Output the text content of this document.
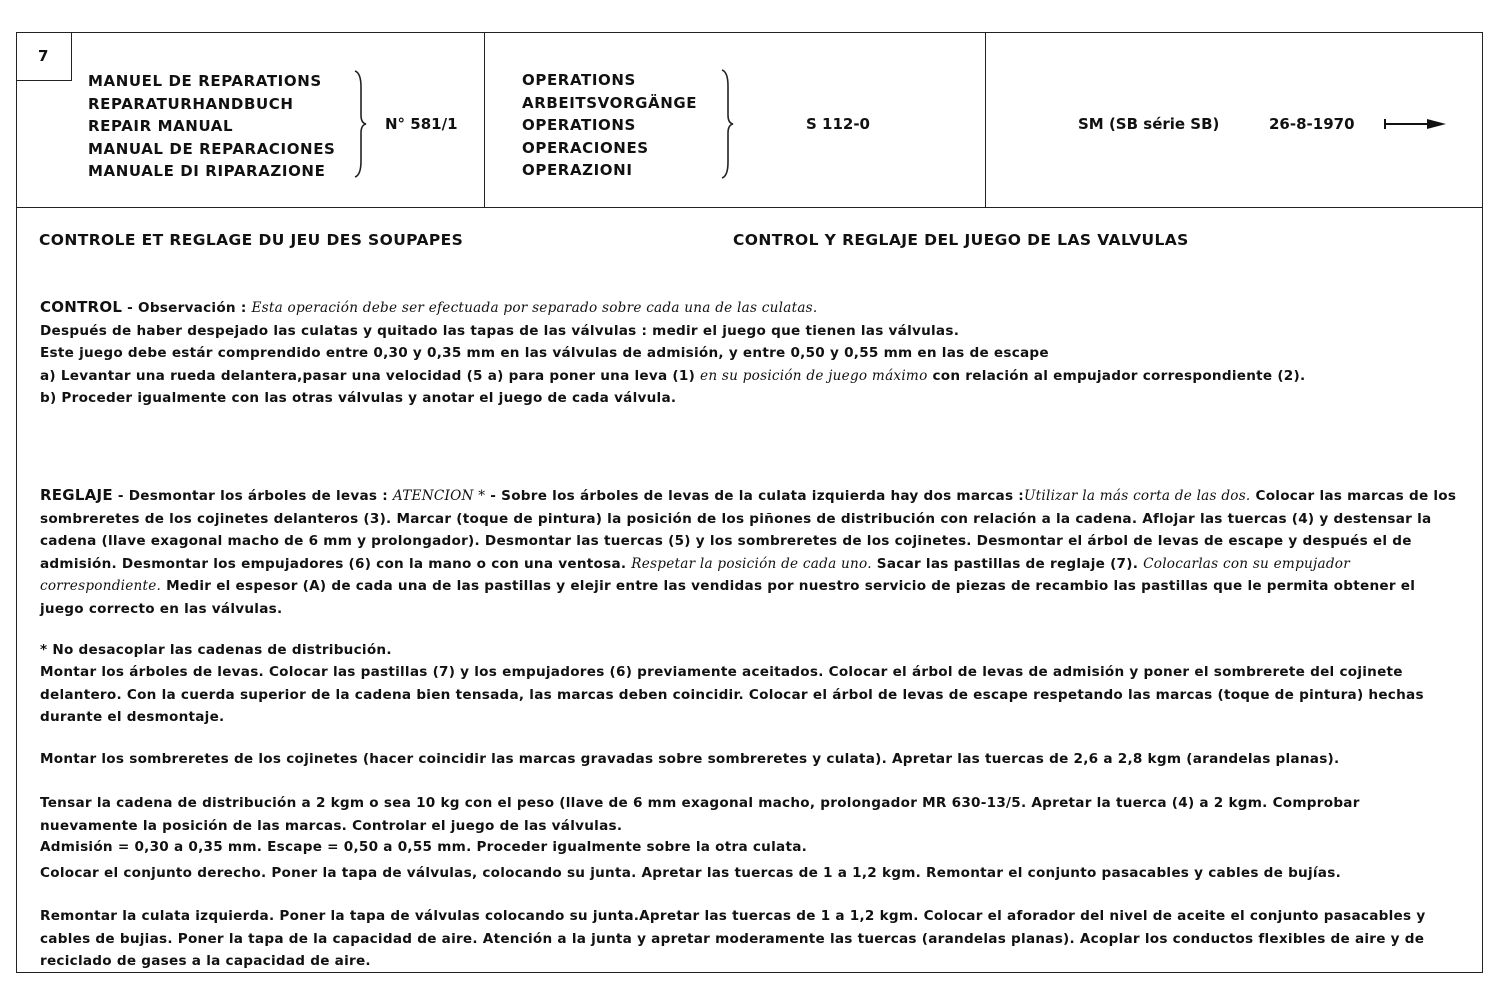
7
MANUEL DE REPARATIONS
REPARATURHANDBUCH
REPAIR MANUAL
MANUAL DE REPARACIONES
MANUALE DI RIPARAZIONE
N° 581/1
OPERATIONS
ARBEITSVORGÄNGE
OPERATIONS
OPERACIONES
OPERAZIONI
S 112-0	SM (SB série SB)	26-8-1970
CONTROLE ET REGLAGE DU JEU DES SOUPAPES	CONTROL Y REGLAJE DEL JUEGO DE LAS VALVULAS

CONTROL - Observación : Esta operación debe ser efectuada por separado sobre cada una de las culatas.

Después de haber despejado las culatas y quitado las tapas de las válvulas : medir el juego que tienen las válvulas.

Este juego debe estár comprendido entre 0,30 y 0,35 mm en las válvulas de admisión, y entre 0,50 y 0,55 mm en las de escape

a) Levantar una rueda delantera,pasar una velocidad (5 a) para poner una leva (1) en su posición de juego máximo con relación al empujador correspondiente (2).

b) Proceder igualmente con las otras válvulas y anotar el juego de cada válvula.

REGLAJE - Desmontar los árboles de levas : ATENCION * - Sobre los árboles de levas de la culata izquierda hay dos marcas :Utilizar la más corta de las dos. Colocar las marcas de los sombreretes de los cojinetes delanteros (3). Marcar (toque de pintura) la posición de los piñones de distribución con relación a la cadena. Aflojar las tuercas (4) y destensar la cadena (llave exagonal macho de 6 mm y prolongador). Desmontar las tuercas (5) y los sombreretes de los cojinetes. Desmontar el árbol de levas de escape y después el de admisión. Desmontar los empujadores (6) con la mano o con una ventosa. Respetar la posición de cada uno. Sacar las pastillas de reglaje (7). Colocarlas con su empujador correspondiente. Medir el espesor (A) de cada una de las pastillas y elejir entre las vendidas por nuestro servicio de piezas de recambio las pastillas que le permita obtener el juego correcto en las válvulas.

* No desacoplar las cadenas de distribución.
Montar los árboles de levas. Colocar las pastillas (7) y los empujadores (6) previamente aceitados. Colocar el árbol de levas de admisión y poner el sombrerete del cojinete delantero. Con la cuerda superior de la cadena bien tensada, las marcas deben coincidir. Colocar el árbol de levas de escape respetando las marcas (toque de pintura) hechas durante el desmontaje.
Montar los sombreretes de los cojinetes (hacer coincidir las marcas gravadas sobre sombreretes y culata). Apretar las tuercas de 2,6 a 2,8 kgm (arandelas planas).
Tensar la cadena de distribución a 2 kgm o sea 10 kg con el peso (llave de 6 mm exagonal macho, prolongador MR 630-13/5. Apretar la tuerca (4) a 2 kgm. Comprobar nuevamente la posición de las marcas. Controlar el juego de las válvulas.
Admisión = 0,30 a 0,35 mm. Escape = 0,50 a 0,55 mm. Proceder igualmente sobre la otra culata.
Colocar el conjunto derecho. Poner la tapa de válvulas, colocando su junta. Apretar las tuercas de 1 a 1,2 kgm. Remontar el conjunto pasacables y cables de bujías.
Remontar la culata izquierda. Poner la tapa de válvulas colocando su junta.Apretar las tuercas de 1 a 1,2 kgm. Colocar el aforador del nivel de aceite el conjunto pasacables y cables de bujias. Poner la tapa de la capacidad de aire. Atención a la junta y apretar moderamente las tuercas (arandelas planas). Acoplar los conductos flexibles de aire y de reciclado de gases a la capacidad de aire.
